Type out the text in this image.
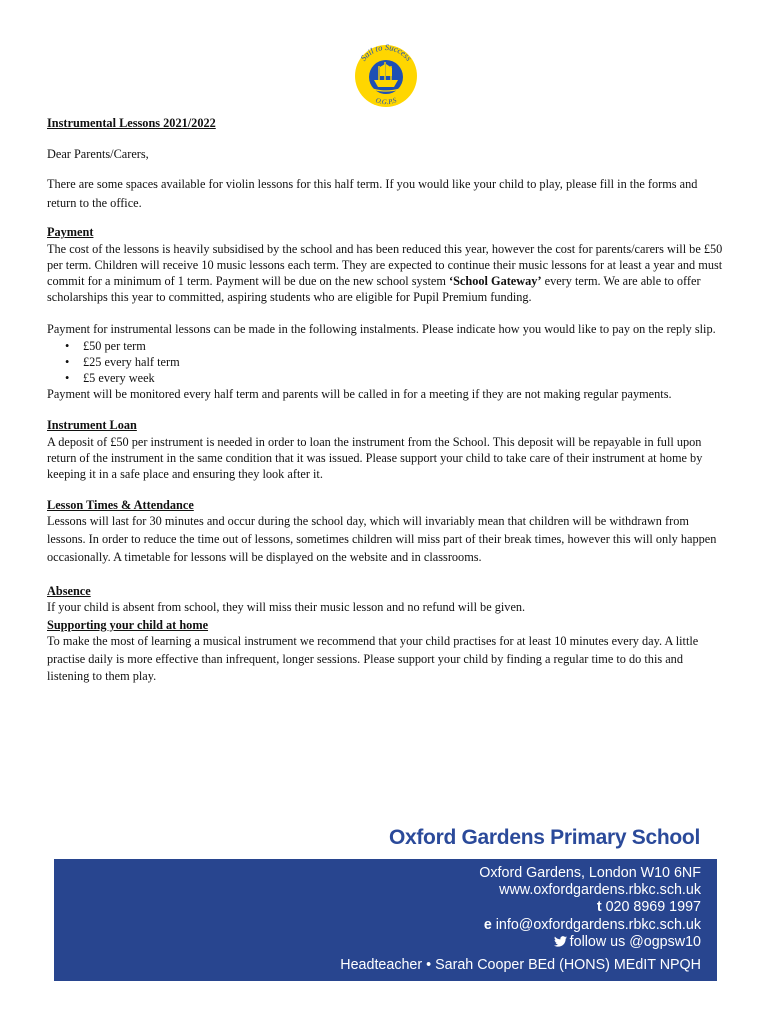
Sail to Success
O.G.P.S

Instrumental Lessons 2021/2022

Dear Parents/Carers,

There are some spaces available for violin lessons for this half term. If you would like your child to play, please fill in the forms and return to the office.

Payment

The cost of the lessons is heavily subsidised by the school and has been reduced this year, however the cost for parents/carers will be £50 per term. Children will receive 10 music lessons each term. They are expected to continue their music lessons for at least a year and must commit for a minimum of 1 term. Payment will be due on the new school system ‘School Gateway’ every term. We are able to offer scholarships this year to committed, aspiring students who are eligible for Pupil Premium funding.

Payment for instrumental lessons can be made in the following instalments. Please indicate how you would like to pay on the reply slip.

• £50 per term
• £25 every half term
• £5 every week

Payment will be monitored every half term and parents will be called in for a meeting if they are not making regular payments.

Instrument Loan

A deposit of £50 per instrument is needed in order to loan the instrument from the School. This deposit will be repayable in full upon return of the instrument in the same condition that it was issued. Please support your child to take care of their instrument at home by keeping it in a safe place and ensuring they look after it.

Lesson Times & Attendance

Lessons will last for 30 minutes and occur during the school day, which will invariably mean that children will be withdrawn from lessons. In order to reduce the time out of lessons, sometimes children will miss part of their break times, however this will only happen occasionally. A timetable for lessons will be displayed on the website and in classrooms.

Absence

If your child is absent from school, they will miss their music lesson and no refund will be given.

Supporting your child at home

To make the most of learning a musical instrument we recommend that your child practises for at least 10 minutes every day. A little practise daily is more effective than infrequent, longer sessions. Please support your child by finding a regular time to do this and listening to them play.

Oxford Gardens Primary School
Oxford Gardens, London W10 6NF
www.oxfordgardens.rbkc.sch.uk
t 020 8969 1997
e info@oxfordgardens.rbkc.sch.uk
follow us @ogpsw10
Headteacher • Sarah Cooper BEd (HONS) MEdIT NPQH
